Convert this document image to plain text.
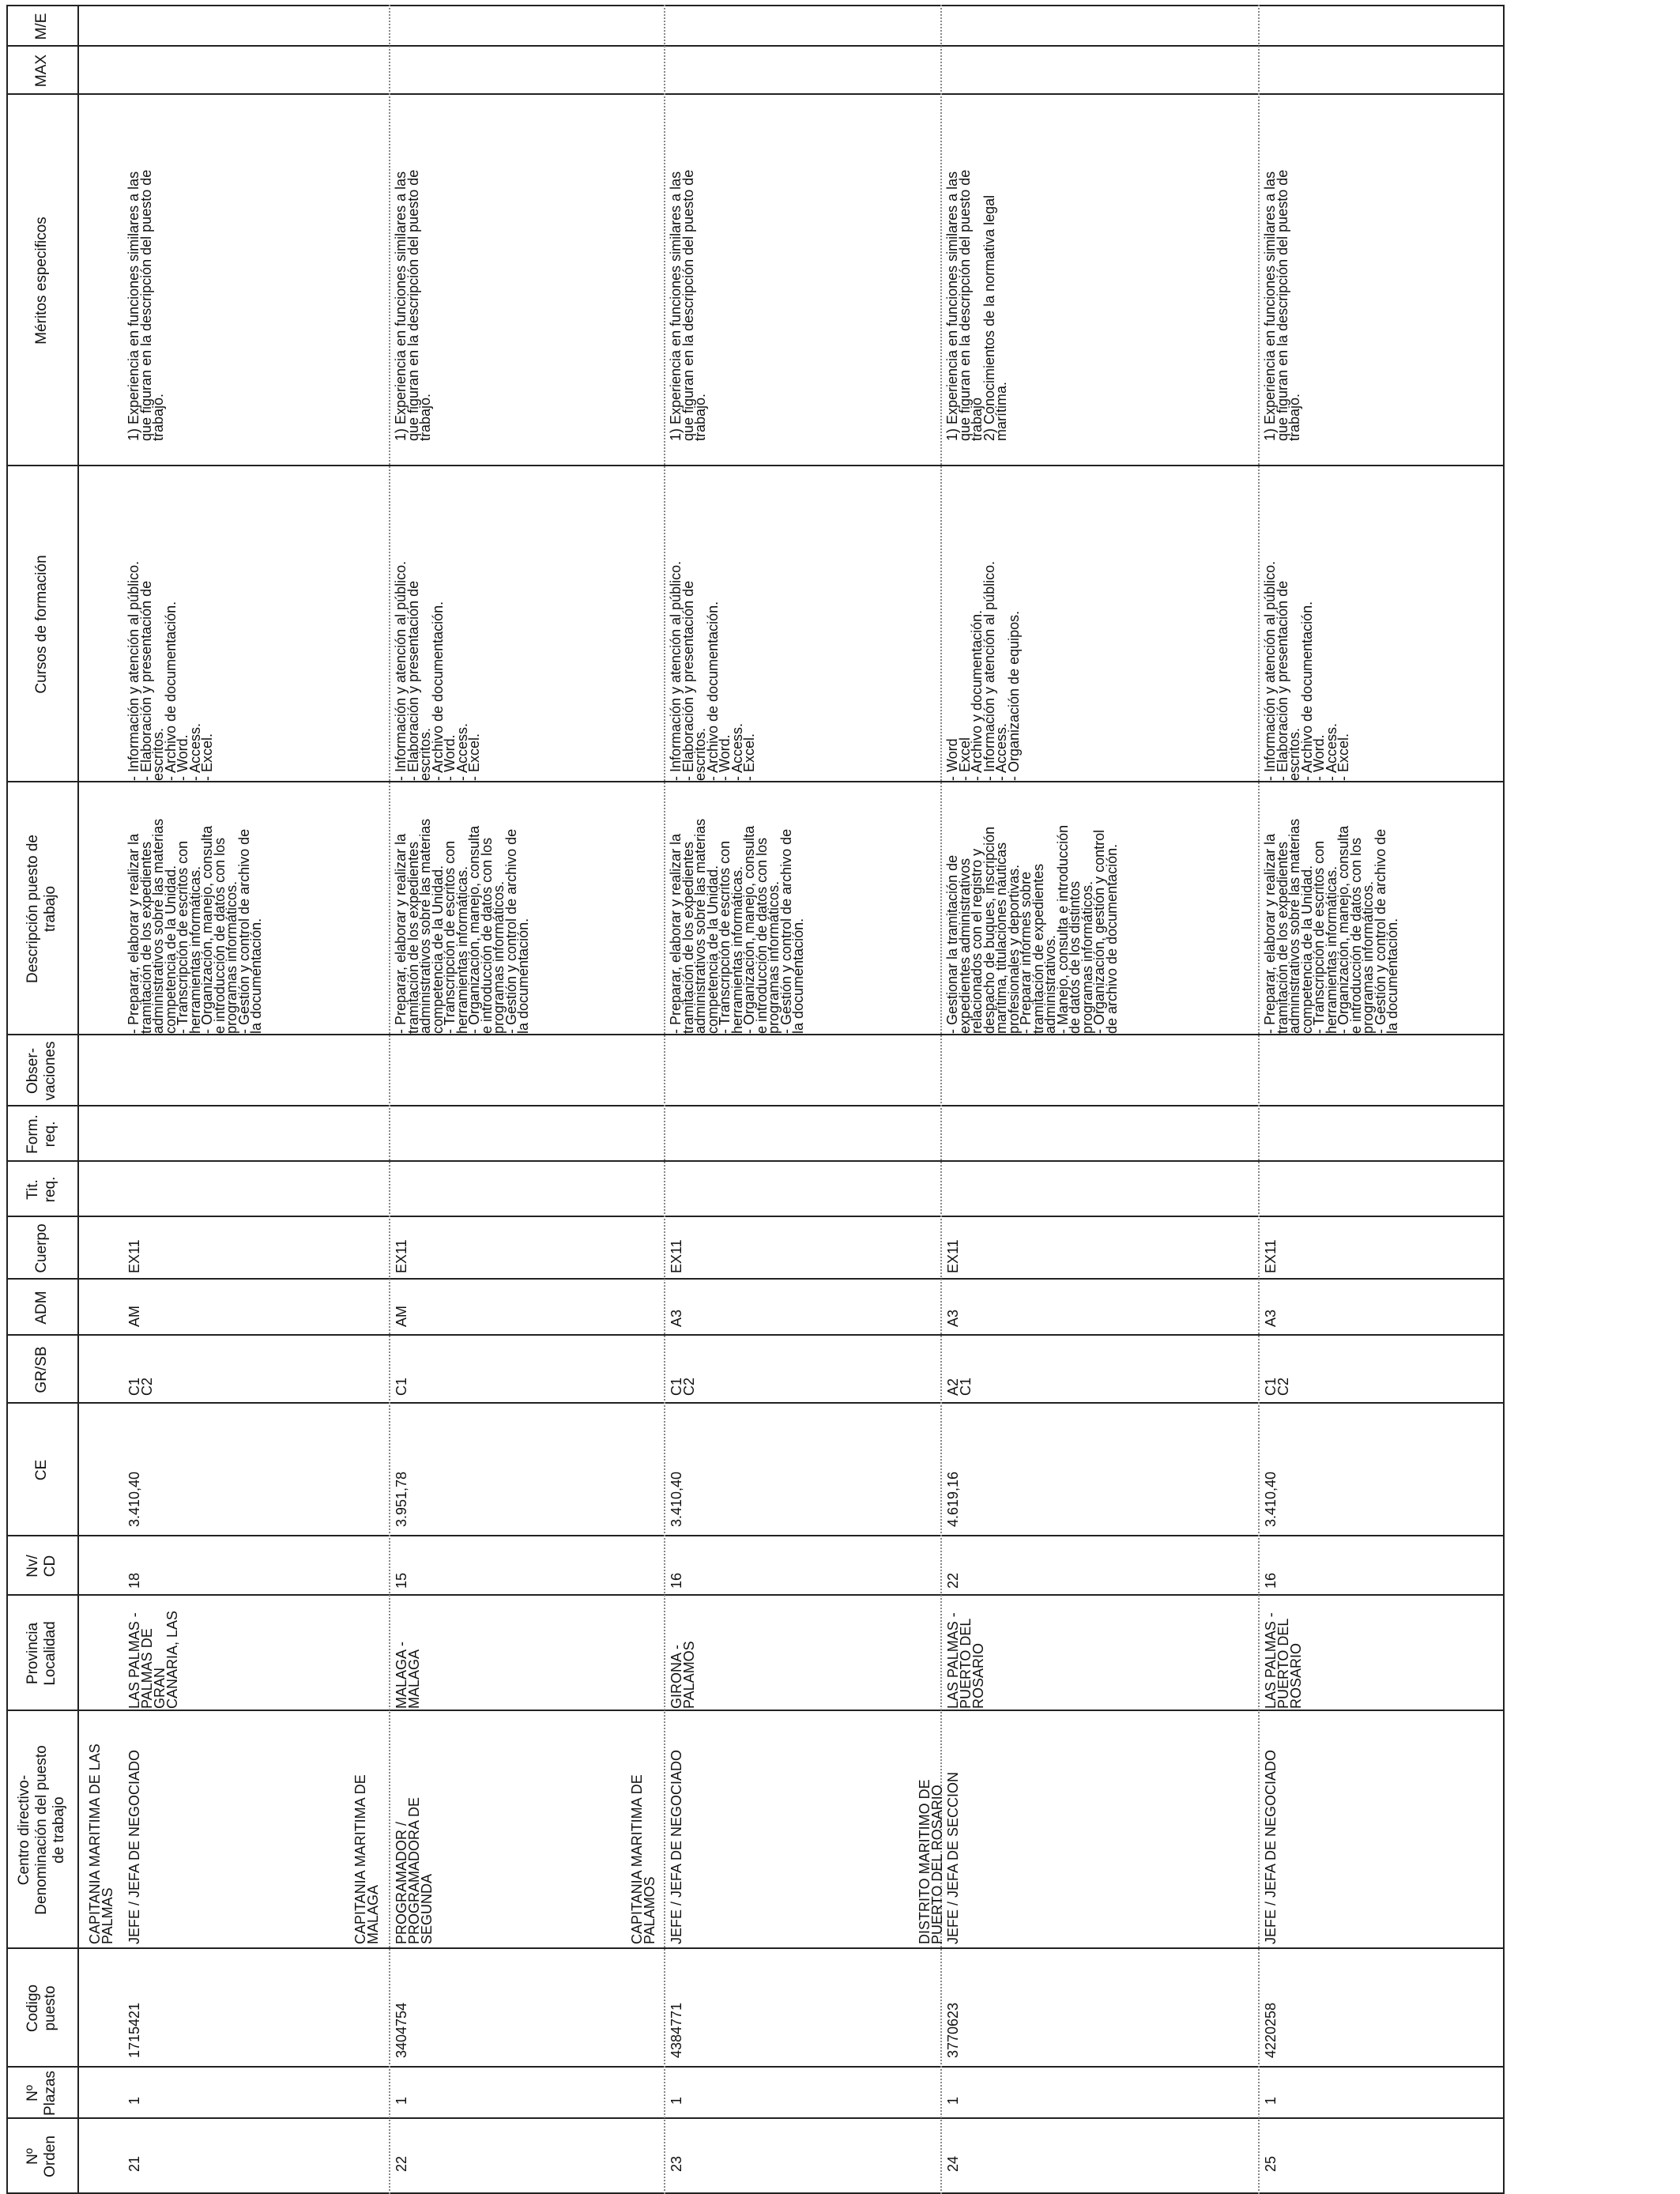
Nº
Orden
Nº
Plazas
Codigo
puesto
Centro directivo-
Denominación del puesto
de trabajo
Provincia
Localidad
Nv/
CD
CE
GR/SB
ADM
Cuerpo
Tit.
req.
Form.
req.
Obser-
vaciones
Descripción puesto de
trabajo
Cursos de formación
Méritos especificos
MAX
M/E
21
1
1715421
CAPITANIA MARITIMA DE LAS
PALMAS JEFE / JEFA DE NEGOCIADO
LAS PALMAS -
PALMAS DE
GRAN
CANARIA, LAS
18
3.410,40
C1
C2
AM
EX11
- Preparar, elaborar y realizar la
tramitación de los expedientes
administrativos sobre las materias
competencia de la Unidad.
- Transcripción de escritos con
herramientas informáticas.
- Organización, manejo, consulta
e introducción de datos con los
programas informáticos.
- Gestión y control de archivo de
la documentación.
- Información y atención al público.
- Elaboración y presentación de
escritos.
- Archivo de documentación.
- Word.
- Access.
- Excel.
1) Experiencia en funciones similares a las
que figuran en la descripción del puesto de
trabajo.
22
1
3404754
CAPITANIA MARITIMA DE
MALAGA PROGRAMADOR /
PROGRAMADORA DE
SEGUNDA
MALAGA -
MALAGA
15
3.951,78
C1
AM
EX11
- Preparar, elaborar y realizar la
tramitación de los expedientes
administrativos sobre las materias
competencia de la Unidad.
- Transcripción de escritos con
herramientas informáticas.
- Organización, manejo, consulta
e introducción de datos con los
programas informáticos.
- Gestión y control de archivo de
la documentación.
- Información y atención al público.
- Elaboración y presentación de
escritos.
- Archivo de documentación.
- Word.
- Access.
- Excel.
1) Experiencia en funciones similares a las
que figuran en la descripción del puesto de
trabajo.
23
1
4384771
CAPITANIA MARITIMA DE
PALAMOS JEFE / JEFA DE NEGOCIADO
GIRONA -
PALAMOS
16
3.410,40
C1
C2
A3
EX11
- Preparar, elaborar y realizar la
tramitación de los expedientes
administrativos sobre las materias
competencia de la Unidad.
- Transcripción de escritos con
herramientas informáticas.
- Organización, manejo, consulta
e introducción de datos con los
programas informáticos.
- Gestión y control de archivo de
la documentación.
- Información y atención al público.
- Elaboración y presentación de
escritos.
- Archivo de documentación.
- Word.
- Access.
- Excel.
1) Experiencia en funciones similares a las
que figuran en la descripción del puesto de
trabajo.
24
1
3770623
DISTRITO MARITIMO DE
PUERTO DEL ROSARIO JEFE / JEFA DE SECCION
LAS PALMAS -
PUERTO DEL
ROSARIO
22
4.619,16
A2
C1
A3
EX11
- Gestionar la tramitación de
expedientes administrativos
relacionados con el registro y
despacho de buques, inscripción
marítima, titulaciones náuticas
profesionales y deportivas.
- Preparar informes sobre
tramitación de expedientes
administrativos.
- Manejo, consulta e introducción
de datos de los distintos
programas informáticos.
- Organización, gestión y control
de archivo de documentación.
- Word
- Excel
- Archivo y documentación.
- Información y atención al público.
- Access.
- Organización de equipos.
1) Experiencia en funciones similares a las
que figuran en la descripción del puesto de
trabajo
2) Conocimientos de la normativa legal
marítima.
25
1
4220258
JEFE / JEFA DE NEGOCIADO
LAS PALMAS -
PUERTO DEL
ROSARIO
16
3.410,40
C1
C2
A3
EX11
- Preparar, elaborar y realizar la
tramitación de los expedientes
administrativos sobre las materias
competencia de la Unidad.
- Transcripción de escritos con
herramientas informáticas.
- Organización, manejo, consulta
e introducción de datos con los
programas informáticos.
- Gestión y control de archivo de
la documentación.
- Información y atención al público.
- Elaboración y presentación de
escritos.
- Archivo de documentación.
- Word.
- Access.
- Excel.
1) Experiencia en funciones similares a las
que figuran en la descripción del puesto de
trabajo.
